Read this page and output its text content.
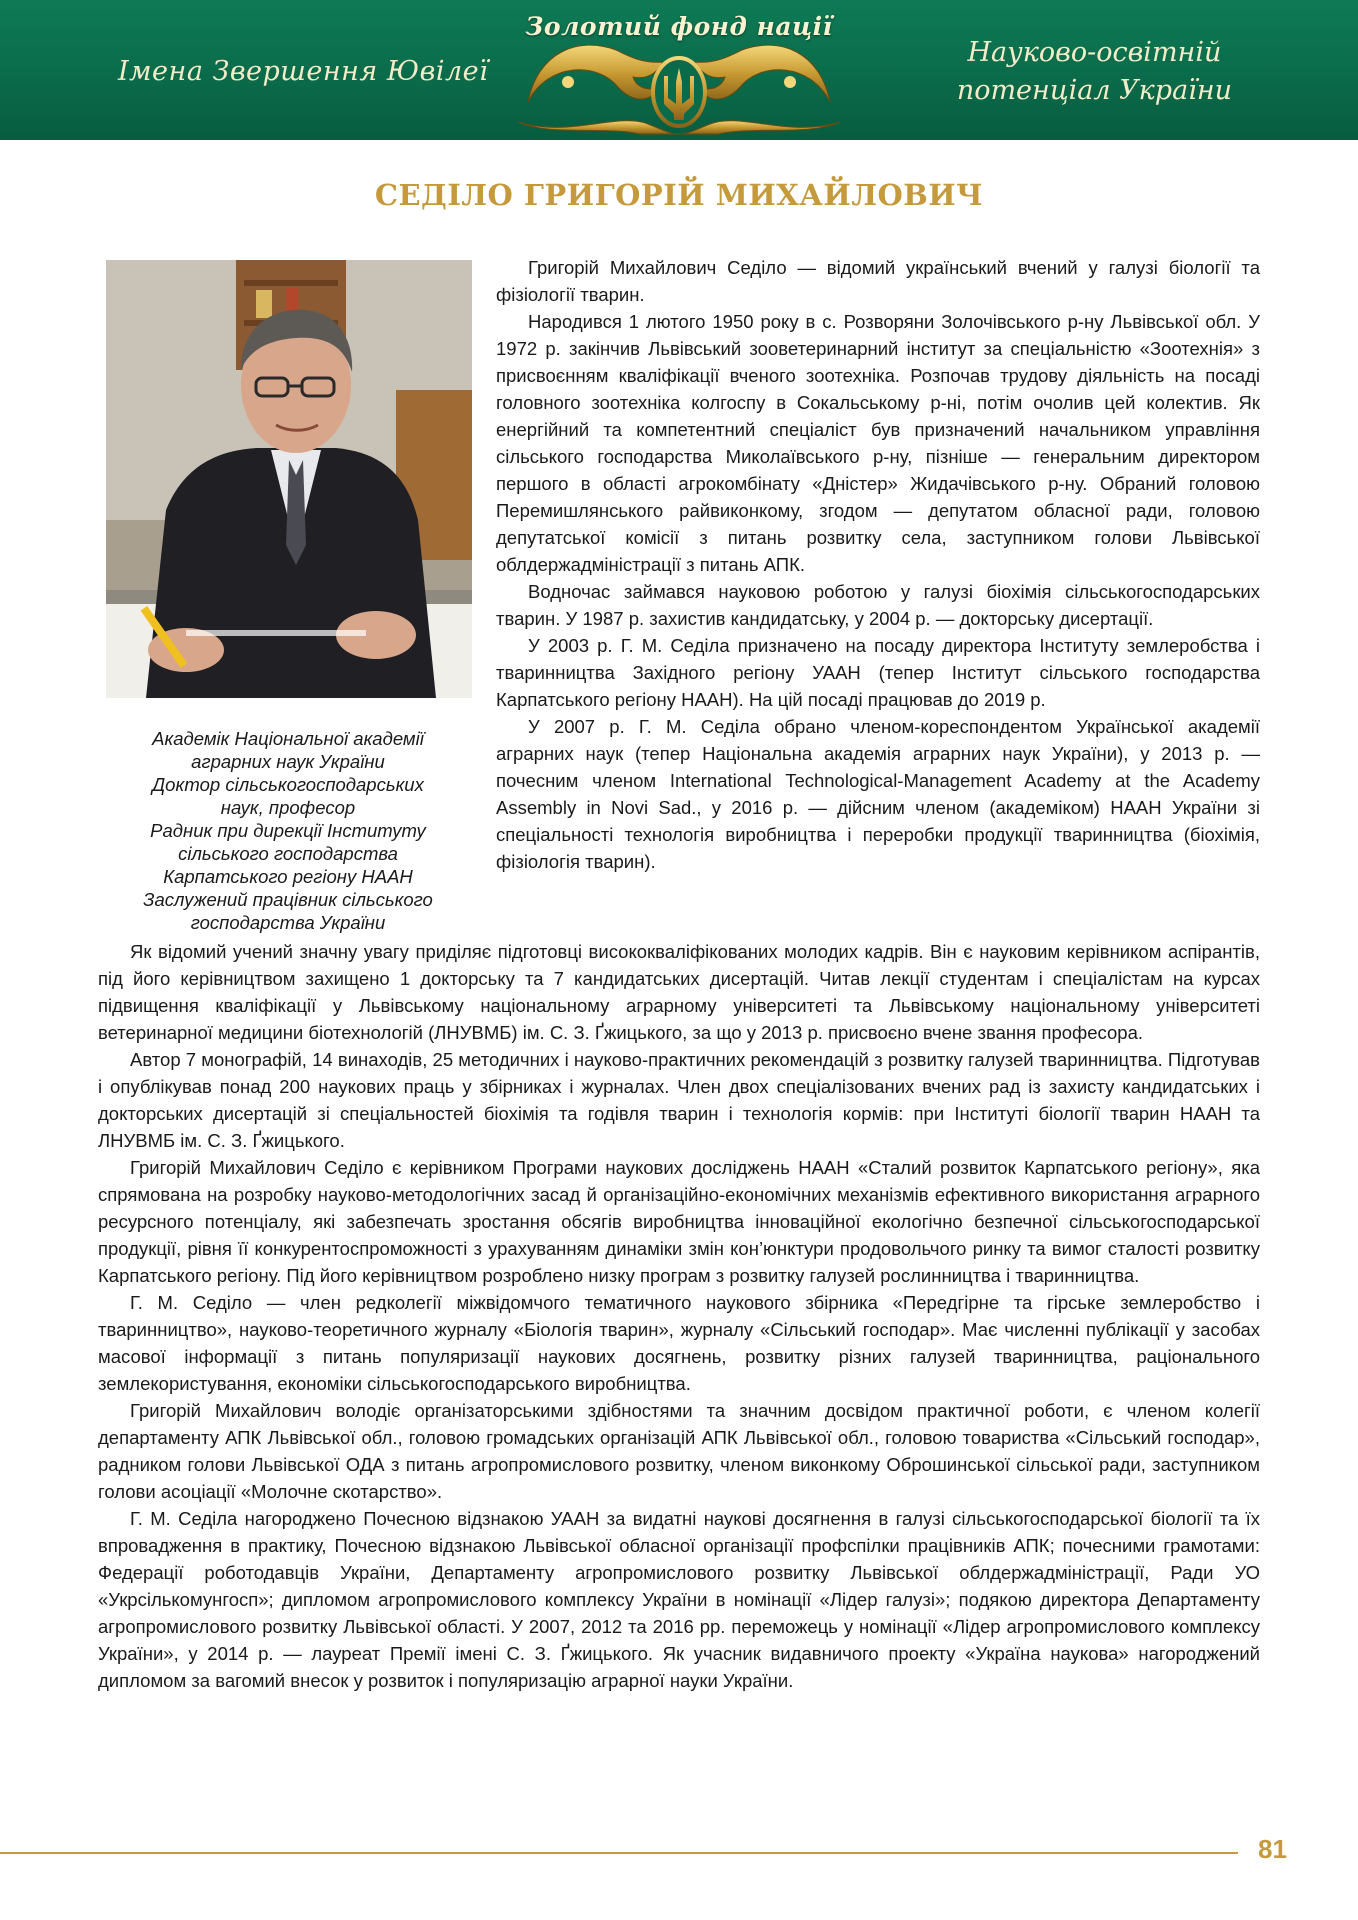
Імена Звершення Ювілеї
Золотий фонд нації
Науково-освітній
потенціал України
СЕДІЛО ГРИГОРІЙ МИХАЙЛОВИЧ
Академік Національної академії
аграрних наук України
Доктор сільськогосподарських
наук, професор
Радник при дирекції Інституту
сільського господарства
Карпатського регіону НААН
Заслужений працівник сільського
господарства України

Григорій Михайлович Седіло — відомий український вчений у галузі біології та фізіології тварин.

Народився 1 лютого 1950 року в с. Розворяни Золочівського р-ну Львівської обл. У 1972 р. закінчив Львівський зооветеринарний інститут за спеціальністю «Зоотехнія» з присвоєнням кваліфікації вченого зоотехніка. Розпочав трудову діяльність на посаді головного зоотехніка колгоспу в Сокальському р-ні, потім очолив цей колектив. Як енергійний та компетентний спеціаліст був призначений начальником управління сільського господарства Миколаївського р-ну, пізніше — генеральним директором першого в області агрокомбінату «Дністер» Жидачівського р-ну. Обраний головою Перемишлянського райвиконкому, згодом — депутатом обласної ради, головою депутатської комісії з питань розвитку села, заступником голови Львівської облдержадміністрації з питань АПК.

Водночас займався науковою роботою у галузі біохімія сільськогосподарських тварин. У 1987 р. захистив кандидатську, у 2004 р. — докторську дисертації.

У 2003 р. Г. М. Седіла призначено на посаду директора Інституту землеробства і тваринництва Західного регіону УААН (тепер Інститут сільського господарства Карпатського регіону НААН). На цій посаді працював до 2019 р.

У 2007 р. Г. М. Седіла обрано членом-кореспондентом Української академії аграрних наук (тепер Національна академія аграрних наук України), у 2013 р. — почесним членом International Technological-Management Academy at the Academy Assembly in Novi Sad., у 2016 р. — дійсним членом (академіком) НААН України зі спеціальності технологія виробництва і переробки продукції тваринництва (біохімія, фізіологія тварин).

Як відомий учений значну увагу приділяє підготовці висококваліфікованих молодих кадрів. Він є науковим керівником аспірантів, під його керівництвом захищено 1 докторську та 7 кандидатських дисертацій. Читав лекції студентам і спеціалістам на курсах підвищення кваліфікації у Львівському національному аграрному університеті та Львівському національному університеті ветеринарної медицини біотехнологій (ЛНУВМБ) ім. С. З. Ґжицького, за що у 2013 р. присвоєно вчене звання професора.

Автор 7 монографій, 14 винаходів, 25 методичних і науково-практичних рекомендацій з розвитку галузей тваринництва. Підготував і опублікував понад 200 наукових праць у збірниках і журналах. Член двох спеціалізованих вчених рад із захисту кандидатських і докторських дисертацій зі спеціальностей біохімія та годівля тварин і технологія кормів: при Інституті біології тварин НААН та ЛНУВМБ ім. С. З. Ґжицького.

Григорій Михайлович Седіло є керівником Програми наукових досліджень НААН «Сталий розвиток Карпатського регіону», яка спрямована на розробку науково-методологічних засад й організаційно-економічних механізмів ефективного використання аграрного ресурсного потенціалу, які забезпечать зростання обсягів виробництва інноваційної екологічно безпечної сільськогосподарської продукції, рівня її конкурентоспроможності з урахуванням динаміки змін кон’юнктури продовольчого ринку та вимог сталості розвитку Карпатського регіону. Під його керівництвом розроблено низку програм з розвитку галузей рослинництва і тваринництва.

Г. М. Седіло — член редколегії міжвідомчого тематичного наукового збірника «Передгірне та гірське землеробство і тваринництво», науково-теоретичного журналу «Біологія тварин», журналу «Сільський господар». Має численні публікації у засобах масової інформації з питань популяризації наукових досягнень, розвитку різних галузей тваринництва, раціонального землекористування, економіки сільськогосподарського виробництва.

Григорій Михайлович володіє організаторськими здібностями та значним досвідом практичної роботи, є членом колегії департаменту АПК Львівської обл., головою громадських організацій АПК Львівської обл., головою товариства «Сільський господар», радником голови Львівської ОДА з питань агропромислового розвитку, членом виконкому Оброшинської сільської ради, заступником голови асоціації «Молочне скотарство».

Г. М. Седіла нагороджено Почесною відзнакою УААН за видатні наукові досягнення в галузі сільськогосподарської біології та їх впровадження в практику, Почесною відзнакою Львівської обласної організації профспілки працівників АПК; почесними грамотами: Федерації роботодавців України, Департаменту агропромислового розвитку Львівської облдержадміністрації, Ради УО «Укрсількомунгосп»; дипломом агропромислового комплексу України в номінації «Лідер галузі»; подякою директора Департаменту агропромислового розвитку Львівської області. У 2007, 2012 та 2016 рр. переможець у номінації «Лідер агропромислового комплексу України», у 2014 р. — лауреат Премії імені С. З. Ґжицького. Як учасник видавничого проекту «Україна наукова» нагороджений дипломом за вагомий внесок у розвиток і популяризацію аграрної науки України.

81
